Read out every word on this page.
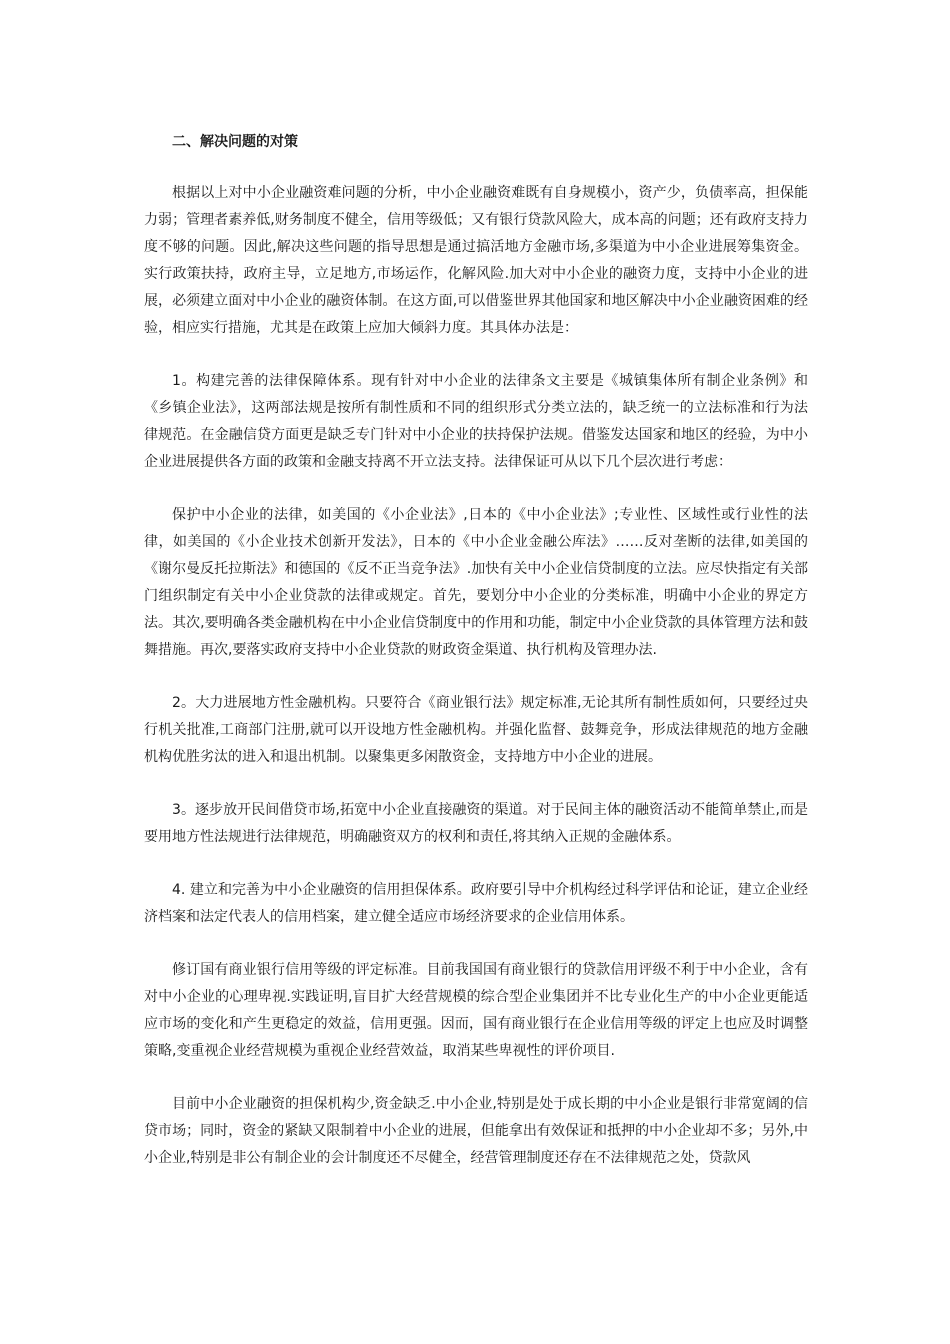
二、解决问题的对策

根据以上对中小企业融资难问题的分析，中小企业融资难既有自身规模小，资产少，负债率高，担保能力弱；管理者素养低,财务制度不健全，信用等级低；又有银行贷款风险大，成本高的问题；还有政府支持力度不够的问题。因此,解决这些问题的指导思想是通过搞活地方金融市场,多渠道为中小企业进展筹集资金。实行政策扶持，政府主导，立足地方,市场运作，化解风险.加大对中小企业的融资力度，支持中小企业的进展，必须建立面对中小企业的融资体制。在这方面,可以借鉴世界其他国家和地区解决中小企业融资困难的经验，相应实行措施，尤其是在政策上应加大倾斜力度。其具体办法是：

1。构建完善的法律保障体系。现有针对中小企业的法律条文主要是《城镇集体所有制企业条例》和《乡镇企业法》，这两部法规是按所有制性质和不同的组织形式分类立法的，缺乏统一的立法标准和行为法律规范。在金融信贷方面更是缺乏专门针对中小企业的扶持保护法规。借鉴发达国家和地区的经验，为中小企业进展提供各方面的政策和金融支持离不开立法支持。法律保证可从以下几个层次进行考虑：

保护中小企业的法律，如美国的《小企业法》,日本的《中小企业法》;专业性、区域性或行业性的法律，如美国的《小企业技术创新开发法》，日本的《中小企业金融公库法》……反对垄断的法律,如美国的《谢尔曼反托拉斯法》和德国的《反不正当竞争法》.加快有关中小企业信贷制度的立法。应尽快指定有关部门组织制定有关中小企业贷款的法律或规定。首先，要划分中小企业的分类标准，明确中小企业的界定方法。其次,要明确各类金融机构在中小企业信贷制度中的作用和功能，制定中小企业贷款的具体管理方法和鼓舞措施。再次,要落实政府支持中小企业贷款的财政资金渠道、执行机构及管理办法.

2。大力进展地方性金融机构。只要符合《商业银行法》规定标准,无论其所有制性质如何，只要经过央行机关批准,工商部门注册,就可以开设地方性金融机构。并强化监督、鼓舞竞争，形成法律规范的地方金融机构优胜劣汰的进入和退出机制。以聚集更多闲散资金，支持地方中小企业的进展。

3。逐步放开民间借贷市场,拓宽中小企业直接融资的渠道。对于民间主体的融资活动不能简单禁止,而是要用地方性法规进行法律规范，明确融资双方的权利和责任,将其纳入正规的金融体系。

4. 建立和完善为中小企业融资的信用担保体系。政府要引导中介机构经过科学评估和论证，建立企业经济档案和法定代表人的信用档案，建立健全适应市场经济要求的企业信用体系。

修订国有商业银行信用等级的评定标准。目前我国国有商业银行的贷款信用评级不利于中小企业，含有对中小企业的心理卑视.实践证明,盲目扩大经营规模的综合型企业集团并不比专业化生产的中小企业更能适应市场的变化和产生更稳定的效益，信用更强。因而，国有商业银行在企业信用等级的评定上也应及时调整策略,变重视企业经营规模为重视企业经营效益，取消某些卑视性的评价项目.

目前中小企业融资的担保机构少,资金缺乏.中小企业,特别是处于成长期的中小企业是银行非常宽阔的信贷市场；同时，资金的紧缺又限制着中小企业的进展，但能拿出有效保证和抵押的中小企业却不多；另外,中小企业,特别是非公有制企业的会计制度还不尽健全，经营管理制度还存在不法律规范之处，贷款风
